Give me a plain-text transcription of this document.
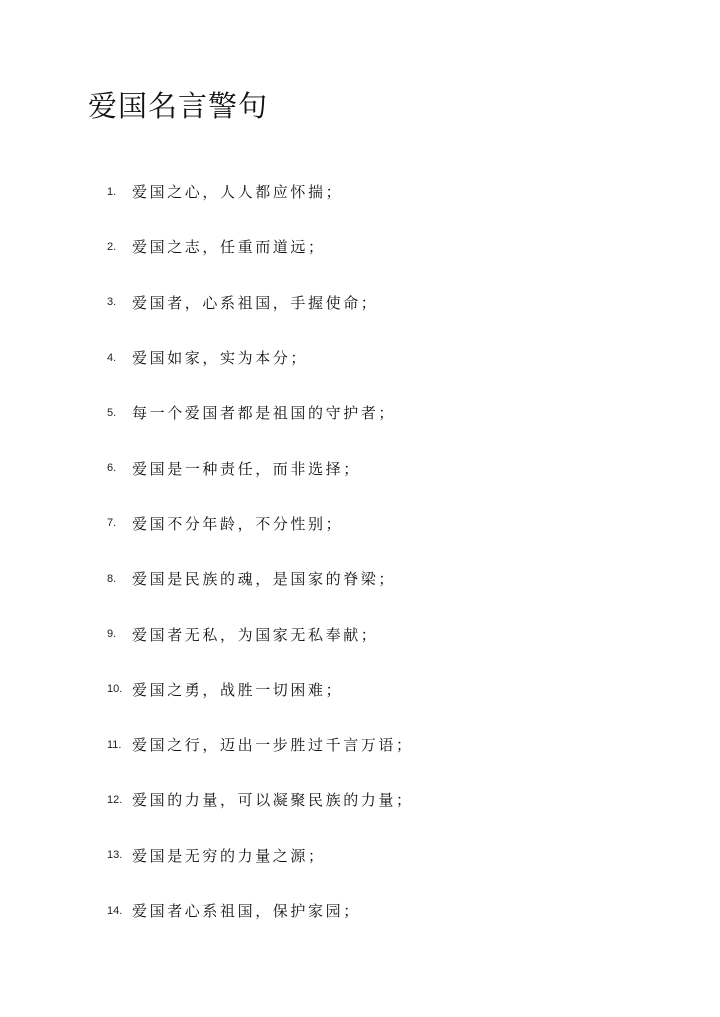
爱国名言警句
1.	爱国之心，人人都应怀揣；
2.	爱国之志，任重而道远；
3.	爱国者，心系祖国，手握使命；
4.	爱国如家，实为本分；
5.	每一个爱国者都是祖国的守护者；
6.	爱国是一种责任，而非选择；
7.	爱国不分年龄，不分性别；
8.	爱国是民族的魂，是国家的脊梁；
9.	爱国者无私，为国家无私奉献；
10. 爱国之勇，战胜一切困难；
11. 爱国之行，迈出一步胜过千言万语；
12. 爱国的力量，可以凝聚民族的力量；
13. 爱国是无穷的力量之源；
14. 爱国者心系祖国，保护家园；
